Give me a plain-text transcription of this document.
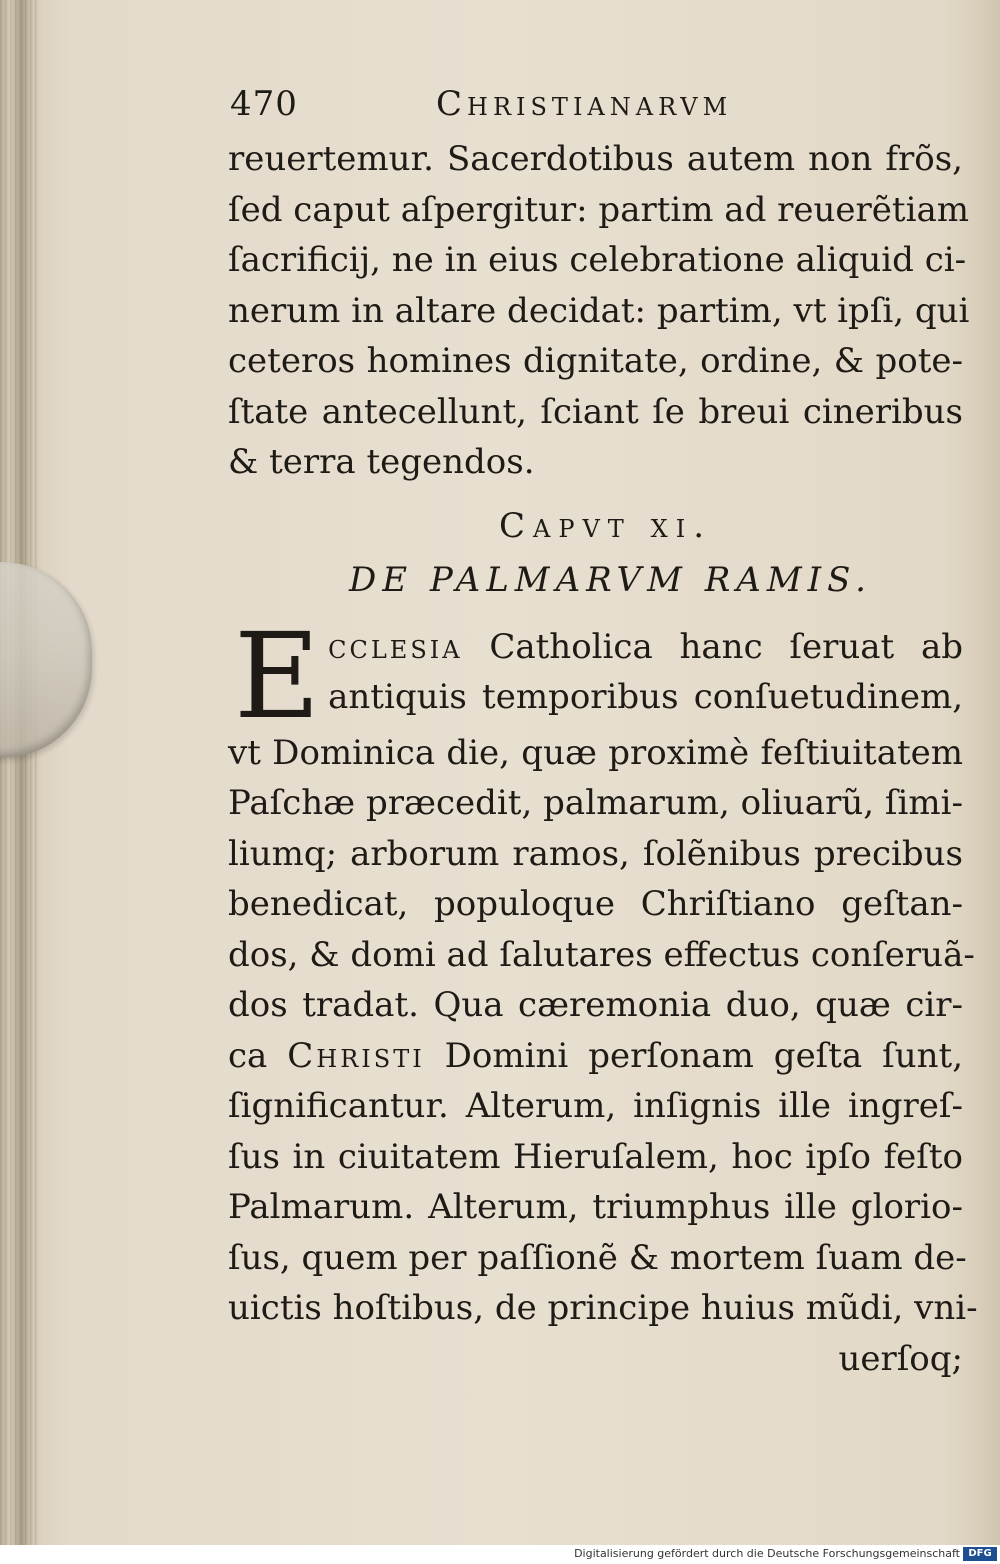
470	Christianarvm
reuertemur. Sacerdotibus autem non frõs,
ſed caput aſpergitur: partim ad reuerẽtiam
ſacrificij, ne in eius celebratione aliquid ci-
nerum in altare decidat: partim, vt ipſi, qui
ceteros homines dignitate, ordine, & pote-
ſtate antecellunt, ſciant ſe breui cineribus
& terra tegendos.
Capvt xi.
DE PALMARVM RAMIS.
E cclesia Catholica hanc ſeruat ab
antiquis temporibus conſuetudinem,
vt Dominica die, quæ proximè feſtiuitatem
Paſchæ præcedit, palmarum, oliuarũ, ſimi-
liumq; arborum ramos, ſolẽnibus precibus
benedicat, populoque Chriſtiano geſtan-
dos, & domi ad ſalutares effectus conſeruã-
dos tradat. Qua cæremonia duo, quæ cir-
ca Christi Domini perſonam geſta ſunt,
ſignificantur. Alterum, inſignis ille ingreſ-
ſus in ciuitatem Hieruſalem, hoc ipſo feſto
Palmarum. Alterum, triumphus ille glorio-
ſus, quem per paſſionẽ & mortem ſuam de-
uictis hoſtibus, de principe huius mũdi, vni-
uerſoq;
Digitalisierung gefördert durch die Deutsche Forschungsgemeinschaft DFG
